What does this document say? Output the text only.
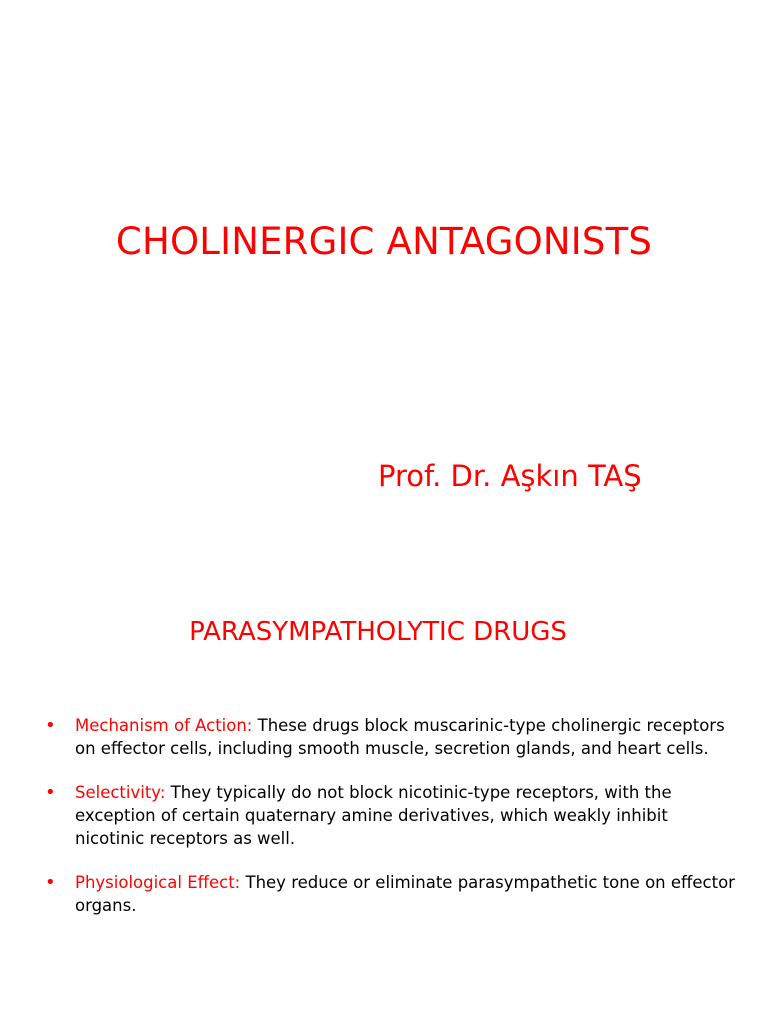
CHOLINERGIC ANTAGONISTS
Prof. Dr. Aşkın TAŞ
PARASYMPATHOLYTIC DRUGS
• Mechanism of Action: These drugs block muscarinic-type cholinergic receptors on effector cells, including smooth muscle, secretion glands, and heart cells.
• Selectivity: They typically do not block nicotinic-type receptors, with the exception of certain quaternary amine derivatives, which weakly inhibit nicotinic receptors as well.
• Physiological Effect: They reduce or eliminate parasympathetic tone on effector organs.
